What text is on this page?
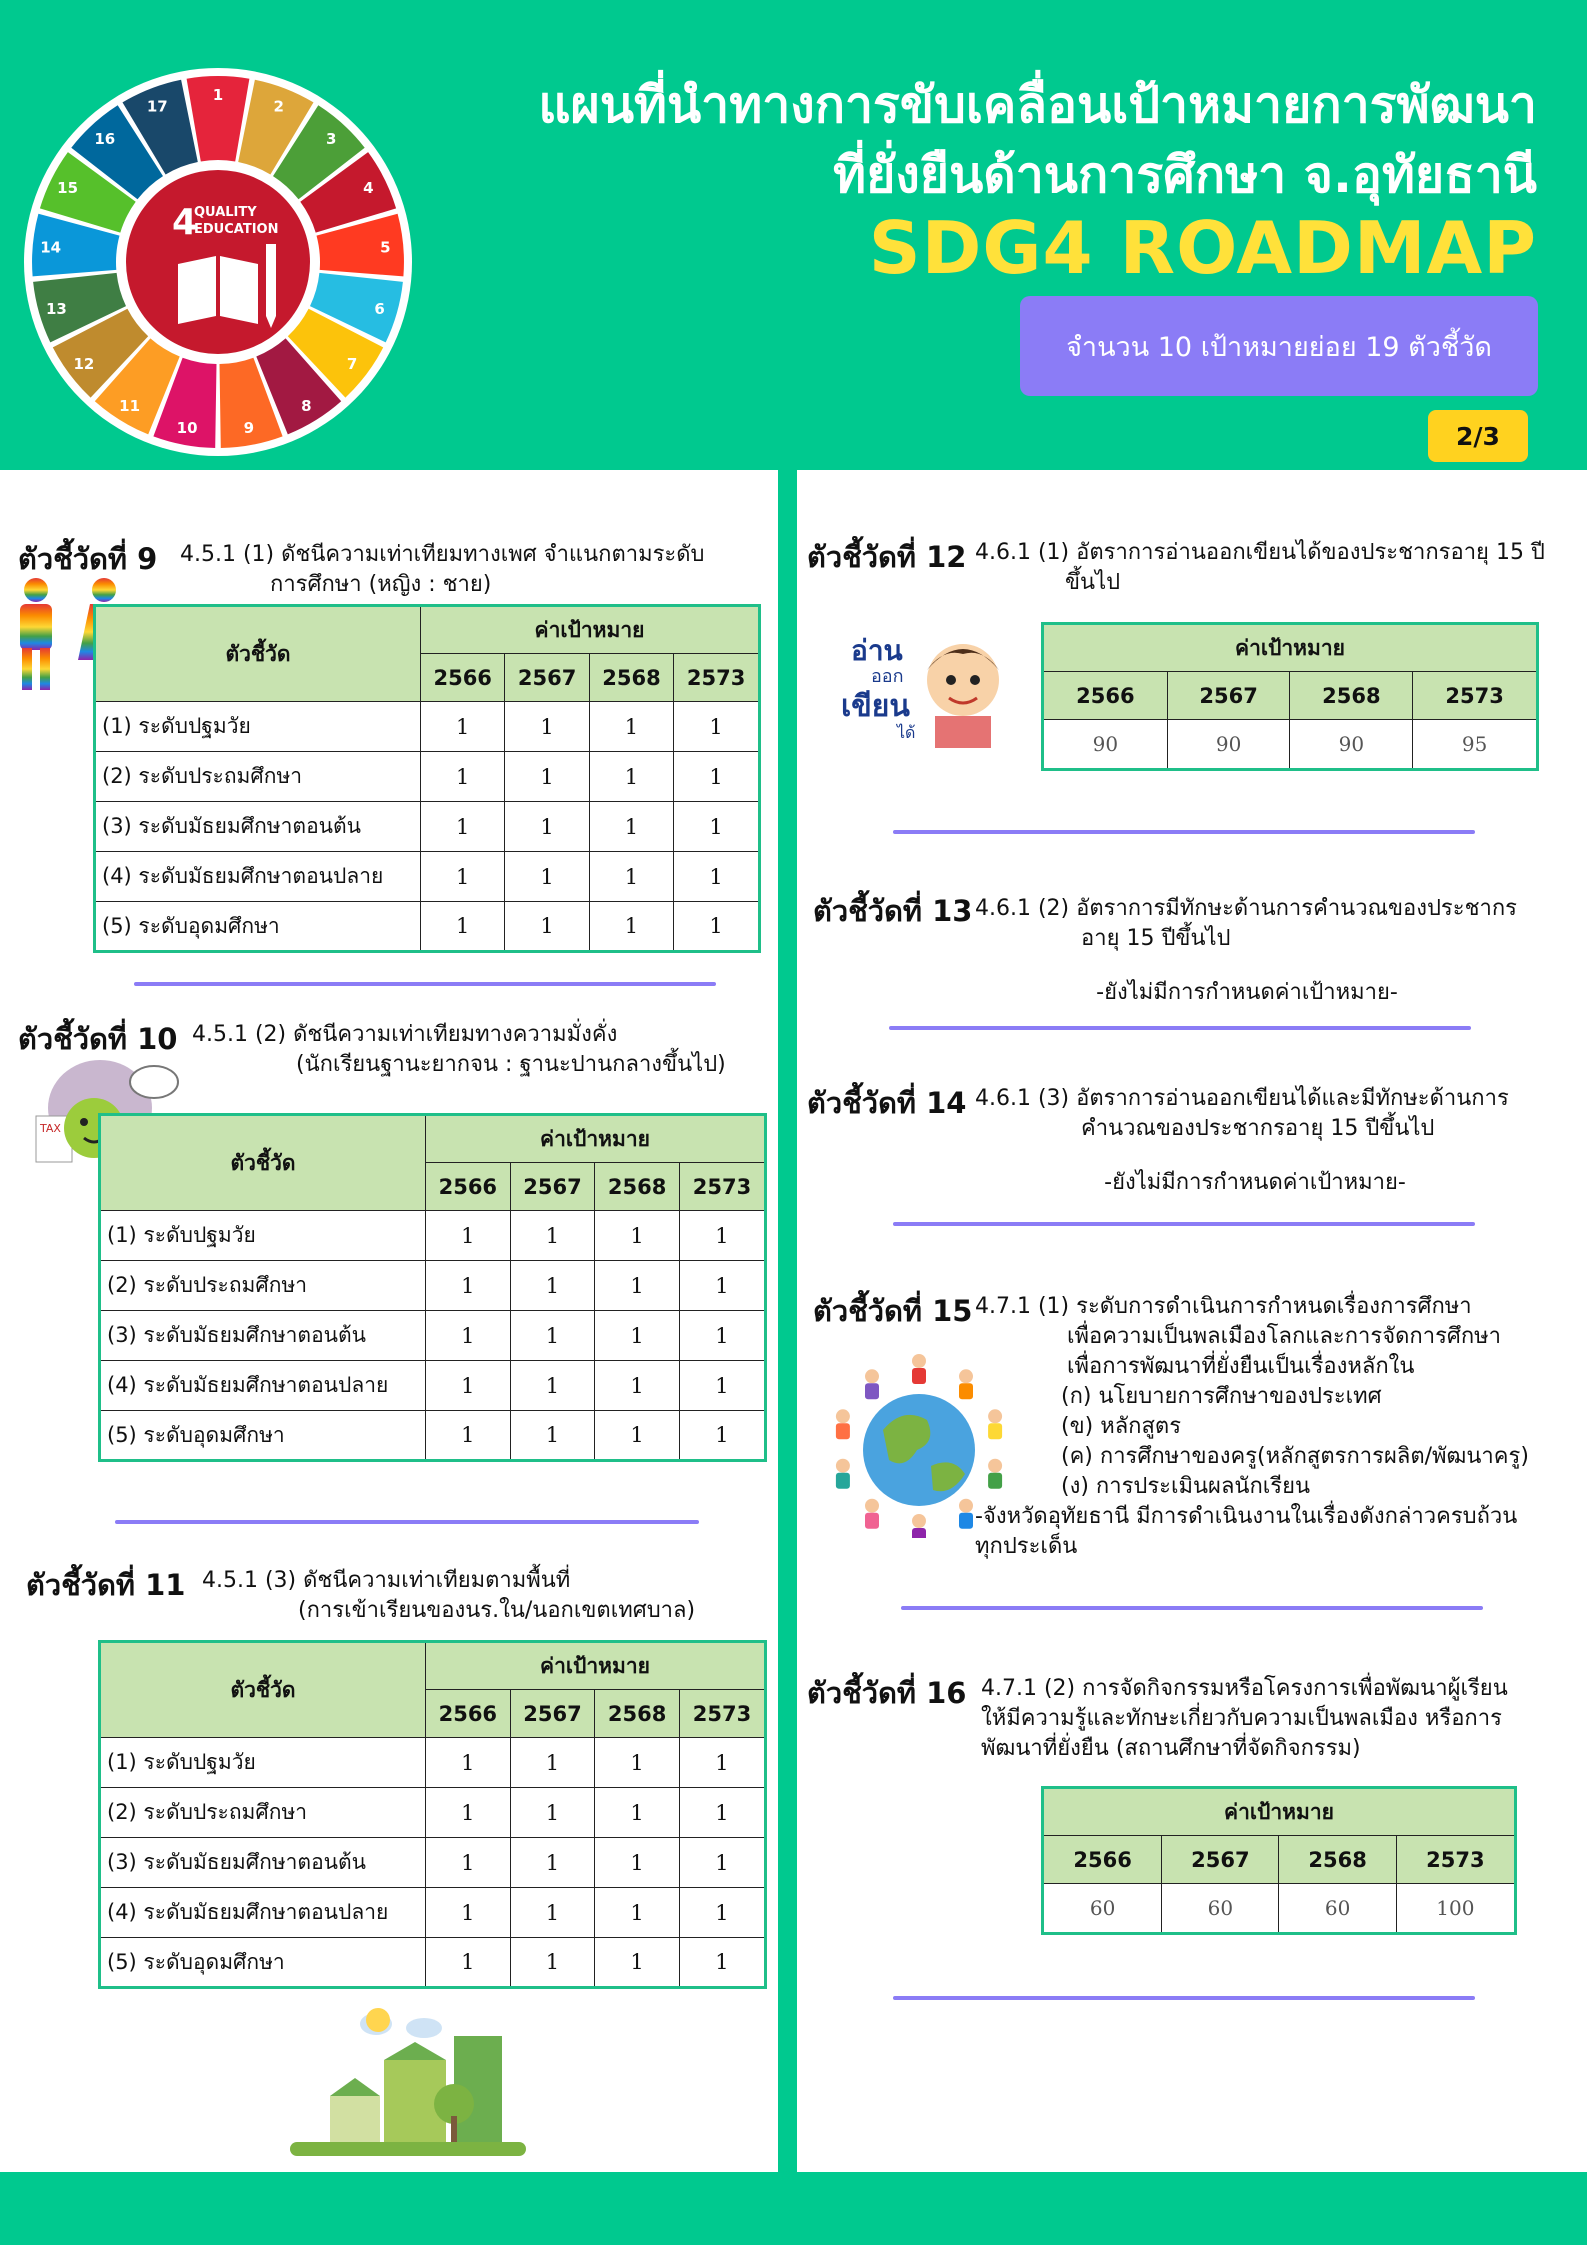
1
2
3
4
5
6
7
8
9
10
11
12
13
14
15
16
17
4
QUALITY
EDUCATION
แผนที่นำทางการขับเคลื่อนเป้าหมายการพัฒนา
ที่ยั่งยืนด้านการศึกษา จ.อุทัยธานี
SDG4 ROADMAP
จำนวน 10 เป้าหมายย่อย 19 ตัวชี้วัด
2/3
ตัวชี้วัดที่ 9 4.5.1 (1) ดัชนีความเท่าเทียมทางเพศ จำแนกตามระดับ
การศึกษา (หญิง : ชาย)
ตัวชี้วัด	ค่าเป้าหมาย			
	2566	2567	2568	2573
(1) ระดับปฐมวัย	1	1	1	1
(2) ระดับประถมศึกษา	1	1	1	1
(3) ระดับมัธยมศึกษาตอนต้น	1	1	1	1
(4) ระดับมัธยมศึกษาตอนปลาย	1	1	1	1
(5) ระดับอุดมศึกษา	1	1	1	1
ตัวชี้วัดที่ 10 4.5.1 (2) ดัชนีความเท่าเทียมทางความมั่งคั่ง
(นักเรียนฐานะยากจน : ฐานะปานกลางขึ้นไป)
TAX
ตัวชี้วัด	ค่าเป้าหมาย			
	2566	2567	2568	2573
(1) ระดับปฐมวัย	1	1	1	1
(2) ระดับประถมศึกษา	1	1	1	1
(3) ระดับมัธยมศึกษาตอนต้น	1	1	1	1
(4) ระดับมัธยมศึกษาตอนปลาย	1	1	1	1
(5) ระดับอุดมศึกษา	1	1	1	1
ตัวชี้วัดที่ 11 4.5.1 (3) ดัชนีความเท่าเทียมตามพื้นที่
(การเข้าเรียนของนร.ใน/นอกเขตเทศบาล)
ตัวชี้วัด	ค่าเป้าหมาย			
	2566	2567	2568	2573
(1) ระดับปฐมวัย	1	1	1	1
(2) ระดับประถมศึกษา	1	1	1	1
(3) ระดับมัธยมศึกษาตอนต้น	1	1	1	1
(4) ระดับมัธยมศึกษาตอนปลาย	1	1	1	1
(5) ระดับอุดมศึกษา	1	1	1	1
ตัวชี้วัดที่ 12 4.6.1 (1) อัตราการอ่านออกเขียนได้ของประชากรอายุ 15 ปี
ขึ้นไป
อ่าน
ออก
เขียน
ได้
ค่าเป้าหมาย			
2566	2567	2568	2573
90	90	90	95
ตัวชี้วัดที่ 13 4.6.1 (2) อัตราการมีทักษะด้านการคำนวณของประชากร
อายุ 15 ปีขึ้นไป
-ยังไม่มีการกำหนดค่าเป้าหมาย-
ตัวชี้วัดที่ 14 4.6.1 (3) อัตราการอ่านออกเขียนได้และมีทักษะด้านการ
คำนวณของประชากรอายุ 15 ปีขึ้นไป
-ยังไม่มีการกำหนดค่าเป้าหมาย-
ตัวชี้วัดที่ 15 4.7.1 (1) ระดับการดำเนินการกำหนดเรื่องการศึกษา
เพื่อความเป็นพลเมืองโลกและการจัดการศึกษา
เพื่อการพัฒนาที่ยั่งยืนเป็นเรื่องหลักใน
(ก) นโยบายการศึกษาของประเทศ
(ข) หลักสูตร
(ค) การศึกษาของครู(หลักสูตรการผลิต/พัฒนาครู)
(ง) การประเมินผลนักเรียน
-จังหวัดอุทัยธานี มีการดำเนินงานในเรื่องดังกล่าวครบถ้วน
ทุกประเด็น
ตัวชี้วัดที่ 16 4.7.1 (2) การจัดกิจกรรมหรือโครงการเพื่อพัฒนาผู้เรียน
ให้มีความรู้และทักษะเกี่ยวกับความเป็นพลเมือง หรือการ
พัฒนาที่ยั่งยืน (สถานศึกษาที่จัดกิจกรรม)
ค่าเป้าหมาย			
2566	2567	2568	2573
60	60	60	100
